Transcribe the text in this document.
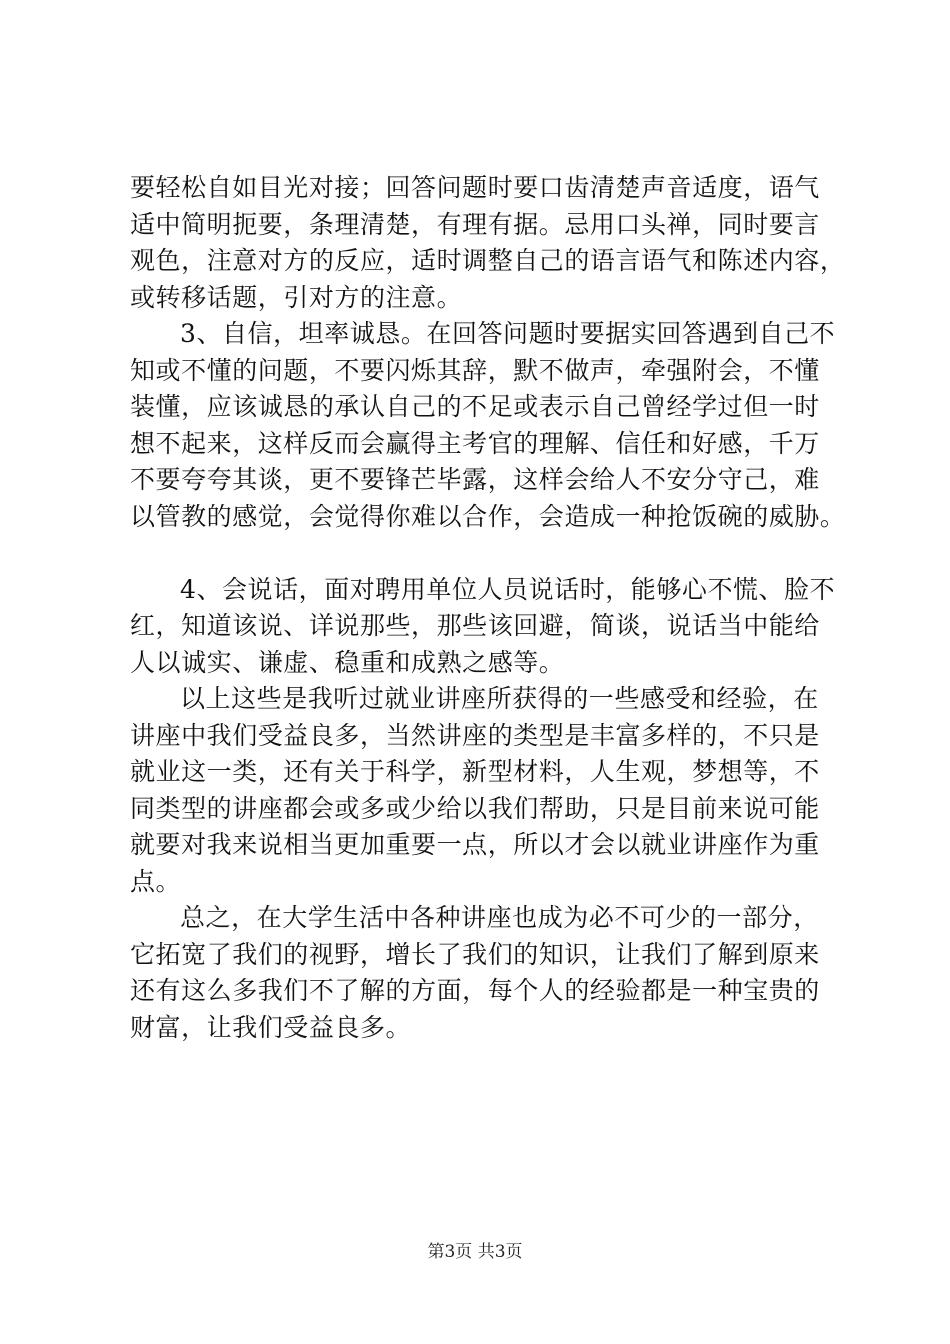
要轻松自如目光对接；回答问题时要口齿清楚声音适度，语气
适中简明扼要，条理清楚，有理有据。忌用口头禅，同时要言
观色，注意对方的反应，适时调整自己的语言语气和陈述内容，
或转移话题，引对方的注意。
3、自信，坦率诚恳。在回答问题时要据实回答遇到自己不
知或不懂的问题，不要闪烁其辞，默不做声，牵强附会，不懂
装懂，应该诚恳的承认自己的不足或表示自己曾经学过但一时
想不起来，这样反而会赢得主考官的理解、信任和好感，千万
不要夸夸其谈，更不要锋芒毕露，这样会给人不安分守己，难
以管教的感觉，会觉得你难以合作，会造成一种抢饭碗的威胁。
4、会说话，面对聘用单位人员说话时，能够心不慌、脸不
红，知道该说、详说那些，那些该回避，简谈，说话当中能给
人以诚实、谦虚、稳重和成熟之感等。
以上这些是我听过就业讲座所获得的一些感受和经验，在
讲座中我们受益良多，当然讲座的类型是丰富多样的，不只是
就业这一类，还有关于科学，新型材料，人生观，梦想等，不
同类型的讲座都会或多或少给以我们帮助，只是目前来说可能
就要对我来说相当更加重要一点，所以才会以就业讲座作为重
点。
总之，在大学生活中各种讲座也成为必不可少的一部分，
它拓宽了我们的视野，增长了我们的知识，让我们了解到原来
还有这么多我们不了解的方面，每个人的经验都是一种宝贵的
财富，让我们受益良多。
第3页 共3页
